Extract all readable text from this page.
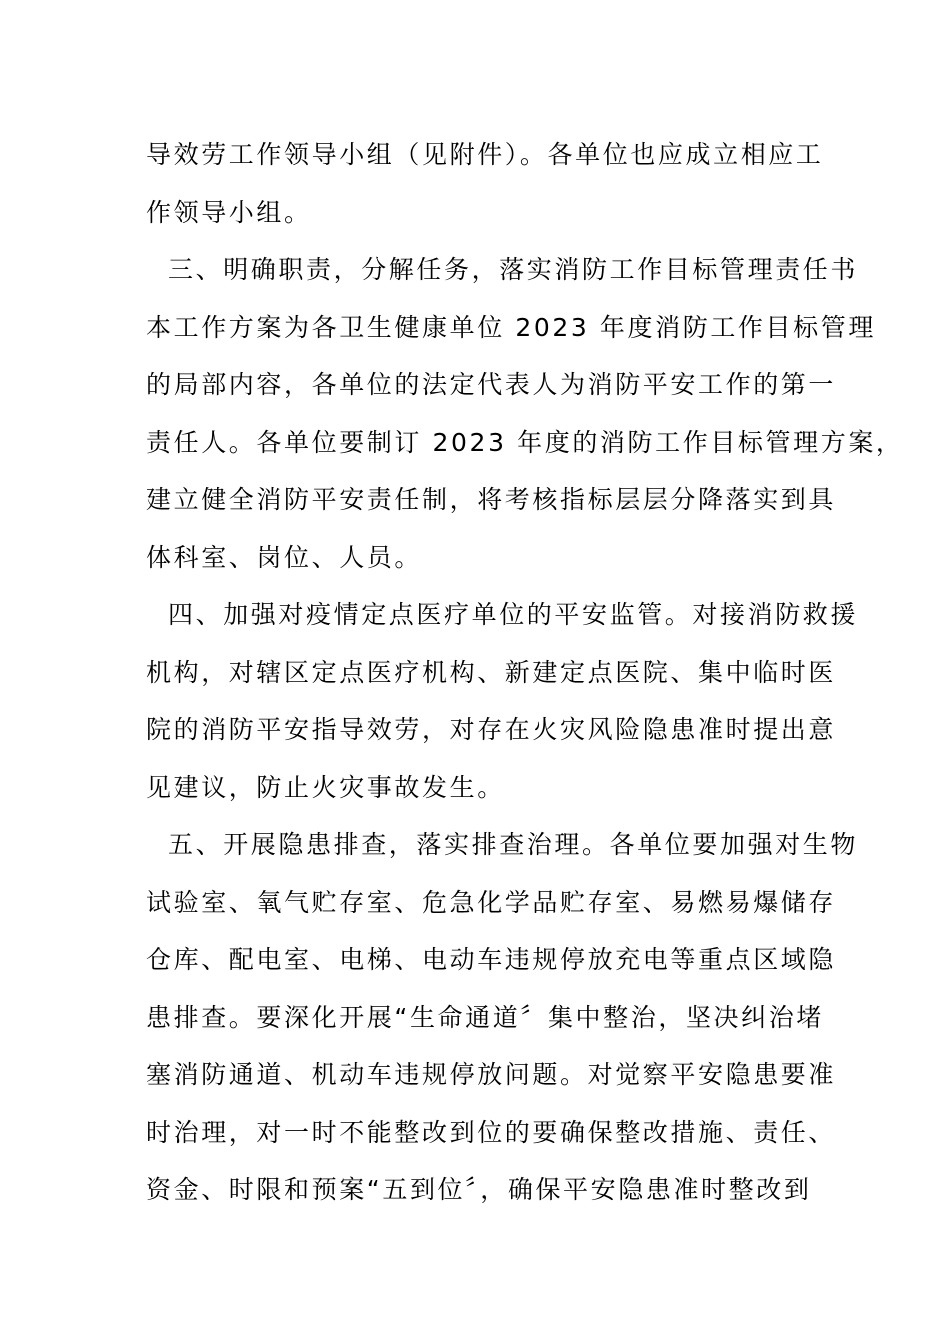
导效劳工作领导小组（见附件）。各单位也应成立相应工
作领导小组。

三、明确职责，分解任务，落实消防工作目标管理责任书
本工作方案为各卫生健康单位 2023 年度消防工作目标管理
的局部内容，各单位的法定代表人为消防平安工作的第一
责任人。各单位要制订 2023 年度的消防工作目标管理方案，
建立健全消防平安责任制，将考核指标层层分降落实到具
体科室、岗位、人员。

四、加强对疫情定点医疗单位的平安监管。对接消防救援
机构，对辖区定点医疗机构、新建定点医院、集中临时医
院的消防平安指导效劳，对存在火灾风险隐患准时提出意
见建议，防止火灾事故发生。

五、开展隐患排查，落实排查治理。各单位要加强对生物
试验室、氧气贮存室、危急化学品贮存室、易燃易爆储存
仓库、配电室、电梯、电动车违规停放充电等重点区域隐
患排查。要深化开展“生命通道〞集中整治，坚决纠治堵
塞消防通道、机动车违规停放问题。对觉察平安隐患要准
时治理，对一时不能整改到位的要确保整改措施、责任、
资金、时限和预案“五到位〞，确保平安隐患准时整改到
